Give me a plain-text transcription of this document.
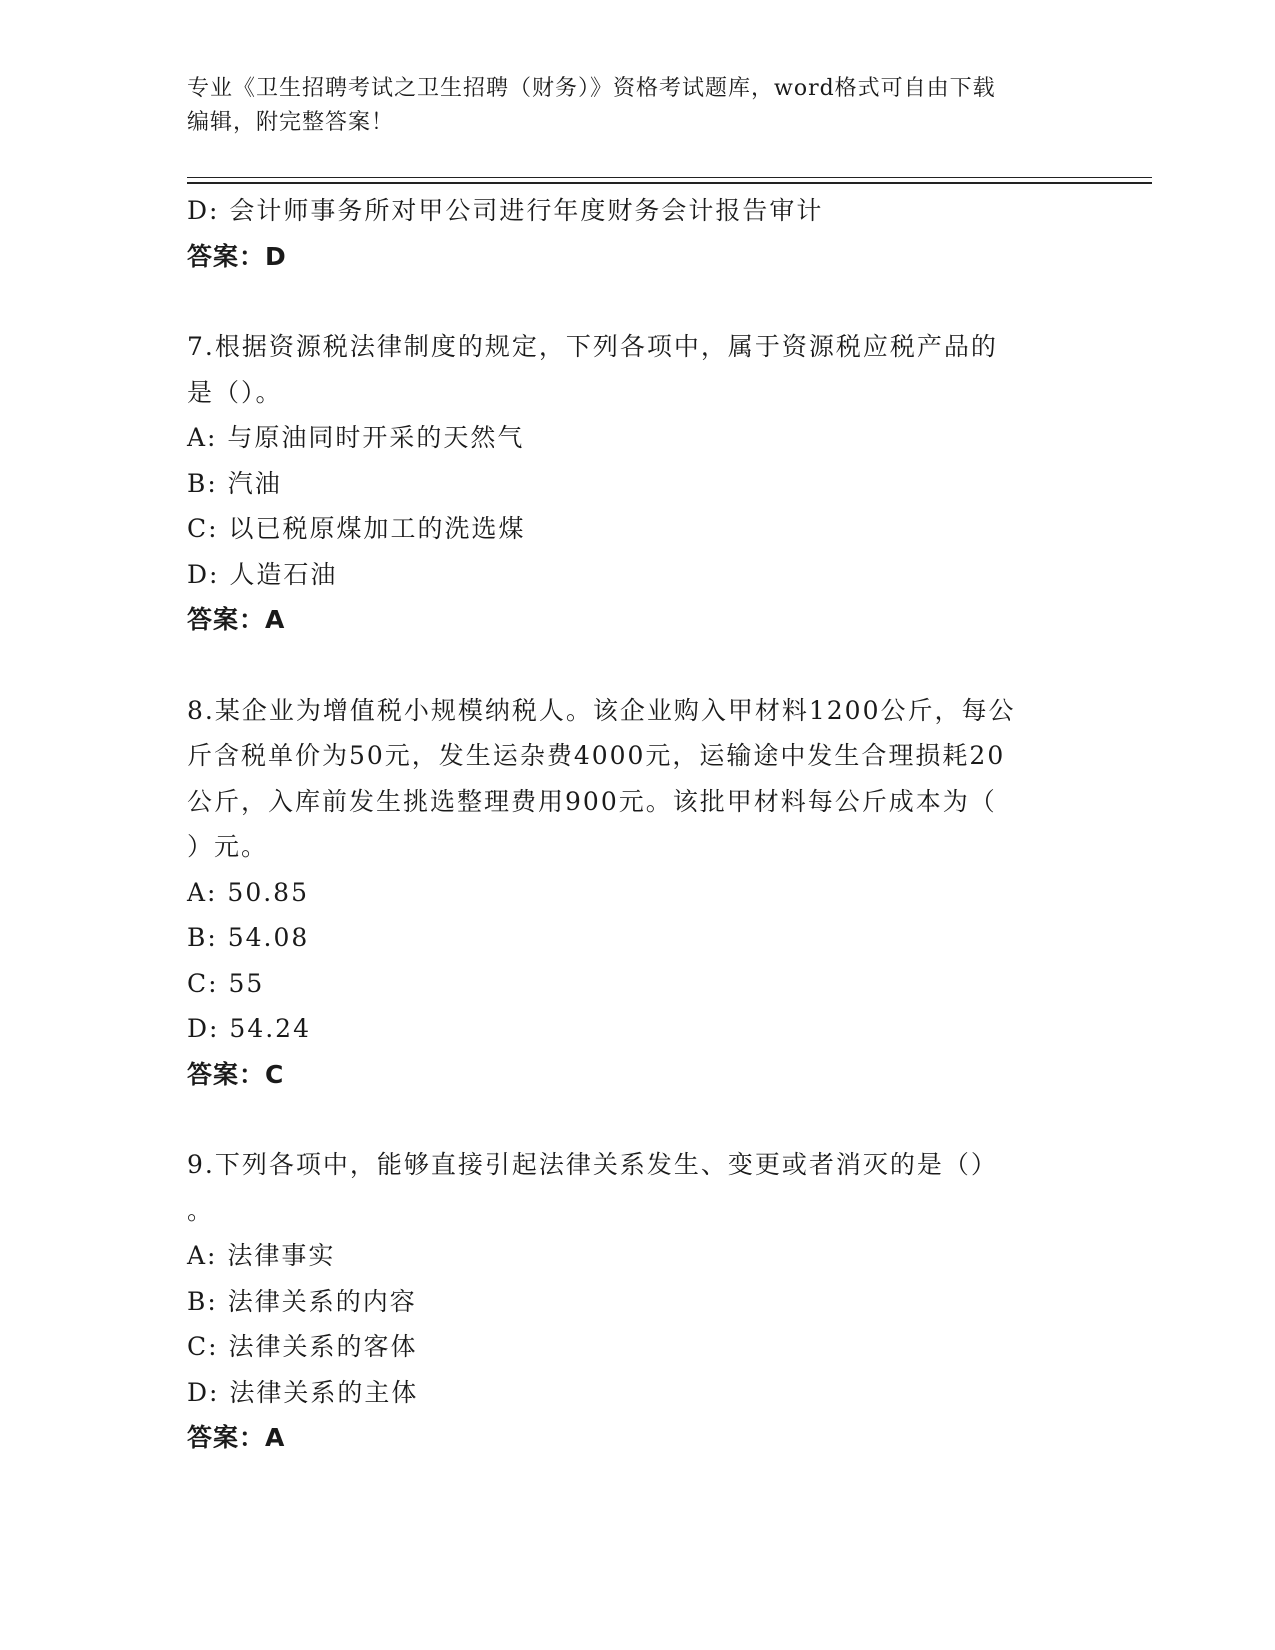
专业《卫生招聘考试之卫生招聘（财务）》资格考试题库，word格式可自由下载
编辑，附完整答案！
D: 会计师事务所对甲公司进行年度财务会计报告审计
答案：D
7.根据资源税法律制度的规定，下列各项中，属于资源税应税产品的
是（）。
A: 与原油同时开采的天然气
B: 汽油
C: 以已税原煤加工的洗选煤
D: 人造石油
答案：A
8.某企业为增值税小规模纳税人。该企业购入甲材料1200公斤，每公
斤含税单价为50元，发生运杂费4000元，运输途中发生合理损耗20
公斤，入库前发生挑选整理费用900元。该批甲材料每公斤成本为（
）元。
A: 50.85
B: 54.08
C: 55
D: 54.24
答案：C
9.下列各项中，能够直接引起法律关系发生、变更或者消灭的是（）
。
A: 法律事实
B: 法律关系的内容
C: 法律关系的客体
D: 法律关系的主体
答案：A
